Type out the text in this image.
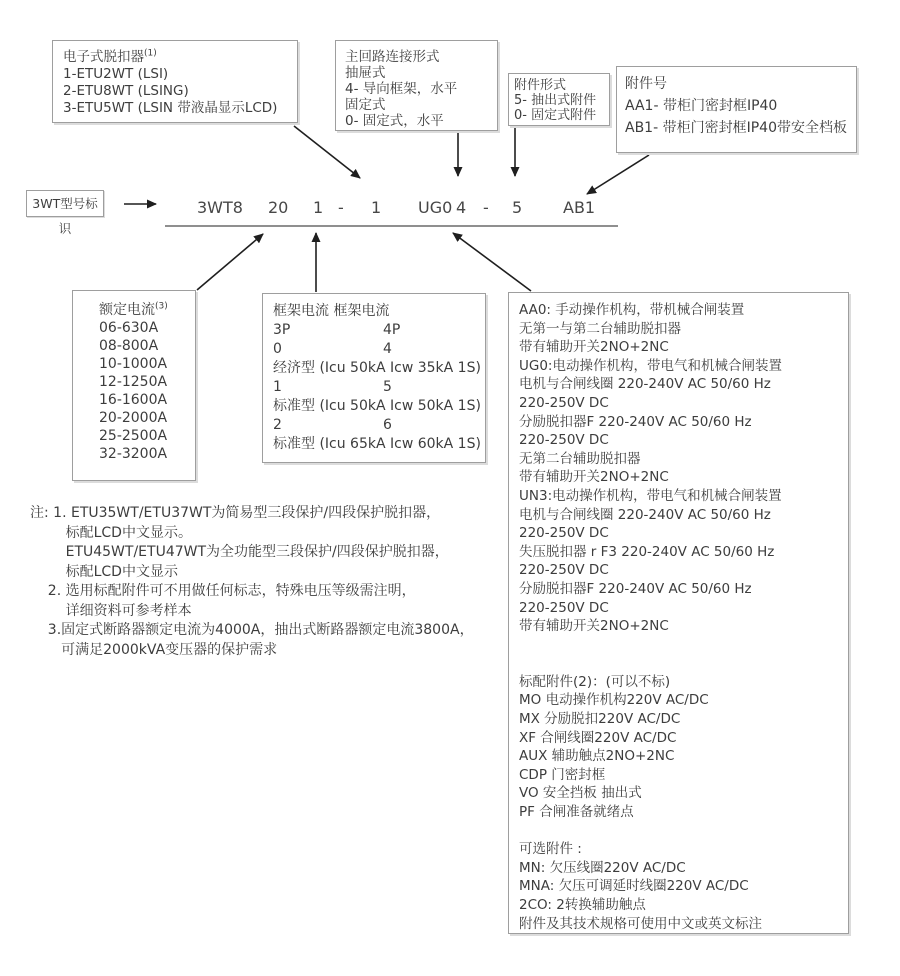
电子式脱扣器$^{(1)}$
1-ETU2WT (LSI)
2-ETU8WT (LSING)
3-ETU5WT (LSIN 带液晶显示LCD)
主回路连接形式
抽屉式
4- 导向框架，水平
固定式
0- 固定式，水平
附件形式
5- 抽出式附件
0- 固定式附件
附件号
AA1- 带柜门密封框IP40
AB1- 带柜门密封框IP40带安全档板
3WT型号标识
3WT8 20 1 - 1 UG0 4 - 5	AB1
额定电流$^{(3)}$
06-630A
08-800A
10-1000A
12-1250A
16-1600A
20-2000A
25-2500A
32-3200A
框架电流 框架电流
3P	4P
0	4
经济型 (Icu 50kA Icw 35kA 1S)
1	5
标准型 (Icu 50kA Icw 50kA 1S)
2	6
标准型 (Icu 65kA Icw 60kA 1S)
AA0: 手动操作机构，带机械合闸装置
无第一与第二台辅助脱扣器
带有辅助开关2NO+2NC
UG0:电动操作机构，带电气和机械合闸装置
电机与合闸线圈 220-240V AC 50/60 Hz
220-250V DC
分励脱扣器F 220-240V AC 50/60 Hz
220-250V DC
无第二台辅助脱扣器
带有辅助开关2NO+2NC
UN3:电动操作机构，带电气和机械合闸装置
电机与合闸线圈 220-240V AC 50/60 Hz
220-250V DC
失压脱扣器 r F3 220-240V AC 50/60 Hz
220-250V DC
分励脱扣器F 220-240V AC 50/60 Hz
220-250V DC
带有辅助开关2NO+2NC
标配附件(2)：(可以不标)
MO 电动操作机构220V AC/DC
MX 分励脱扣220V AC/DC
XF 合闸线圈220V AC/DC
AUX 辅助触点2NO+2NC
CDP 门密封框
VO 安全挡板 抽出式
PF 合闸准备就绪点
可选附件 :
MN: 欠压线圈220V AC/DC
MNA: 欠压可调延时线圈220V AC/DC
2CO: 2转换辅助触点
附件及其技术规格可使用中文或英文标注
注: 1. ETU35WT/ETU37WT为简易型三段保护/四段保护脱扣器，
标配LCD中文显示。
ETU45WT/ETU47WT为全功能型三段保护/四段保护脱扣器，
标配LCD中文显示
2. 选用标配附件可不用做任何标志，特殊电压等级需注明，
详细资料可参考样本
3.固定式断路器额定电流为4000A，抽出式断路器额定电流3800A，
可满足2000kVA变压器的保护需求
